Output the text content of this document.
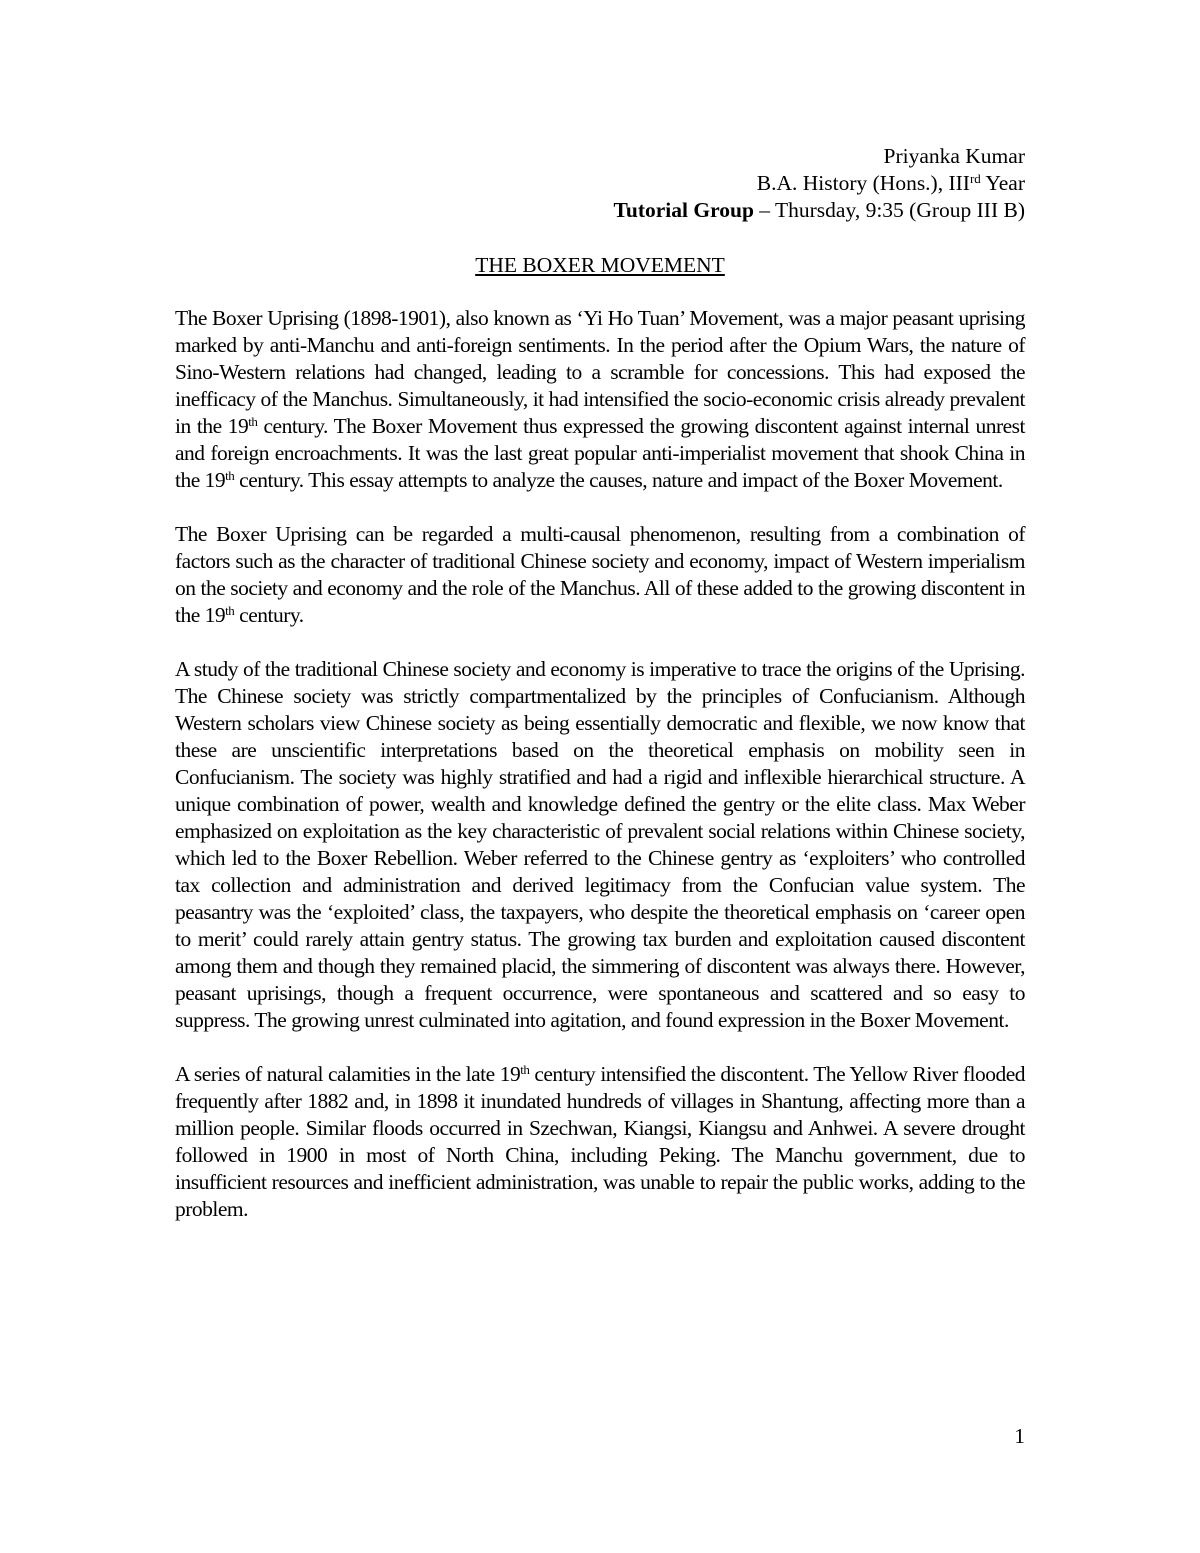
Priyanka Kumar
B.A. History (Hons.), IIIrd Year
Tutorial Group – Thursday, 9:35 (Group III B)
THE BOXER MOVEMENT

The Boxer Uprising (1898-1901), also known as ‘Yi Ho Tuan’ Movement, was a major peasant uprising marked by anti-Manchu and anti-foreign sentiments. In the period after the Opium Wars, the nature of Sino-Western relations had changed, leading to a scramble for concessions. This had exposed the inefficacy of the Manchus. Simultaneously, it had intensified the socio-economic crisis already prevalent in the 19th century. The Boxer Movement thus expressed the growing discontent against internal unrest and foreign encroachments. It was the last great popular anti-imperialist movement that shook China in the 19th century. This essay attempts to analyze the causes, nature and impact of the Boxer Movement.

The Boxer Uprising can be regarded a multi-causal phenomenon, resulting from a combination of factors such as the character of traditional Chinese society and economy, impact of Western imperialism on the society and economy and the role of the Manchus. All of these added to the growing discontent in the 19th century.

A study of the traditional Chinese society and economy is imperative to trace the origins of the Uprising. The Chinese society was strictly compartmentalized by the principles of Confucianism. Although Western scholars view Chinese society as being essentially democratic and flexible, we now know that these are unscientific interpretations based on the theoretical emphasis on mobility seen in Confucianism. The society was highly stratified and had a rigid and inflexible hierarchical structure. A unique combination of power, wealth and knowledge defined the gentry or the elite class. Max Weber emphasized on exploitation as the key characteristic of prevalent social relations within Chinese society, which led to the Boxer Rebellion. Weber referred to the Chinese gentry as ‘exploiters’ who controlled tax collection and administration and derived legitimacy from the Confucian value system. The peasantry was the ‘exploited’ class, the taxpayers, who despite the theoretical emphasis on ‘career open to merit’ could rarely attain gentry status. The growing tax burden and exploitation caused discontent among them and though they remained placid, the simmering of discontent was always there. However, peasant uprisings, though a frequent occurrence, were spontaneous and scattered and so easy to suppress. The growing unrest culminated into agitation, and found expression in the Boxer Movement.

A series of natural calamities in the late 19th century intensified the discontent. The Yellow River flooded frequently after 1882 and, in 1898 it inundated hundreds of villages in Shantung, affecting more than a million people. Similar floods occurred in Szechwan, Kiangsi, Kiangsu and Anhwei. A severe drought followed in 1900 in most of North China, including Peking. The Manchu government, due to insufficient resources and inefficient administration, was unable to repair the public works, adding to the problem.

1
